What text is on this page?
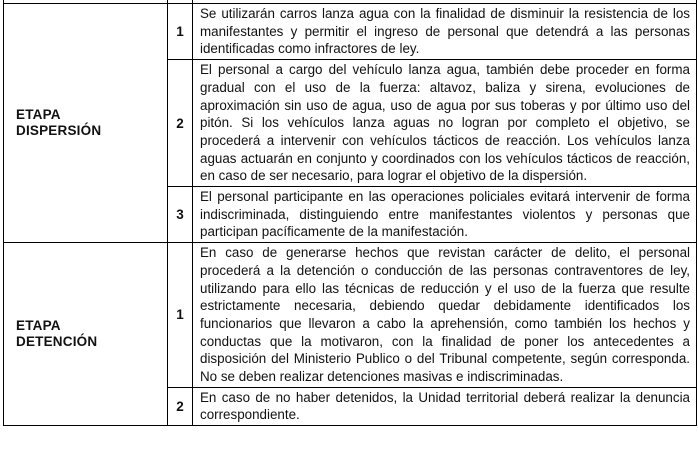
ETAPA
DISPERSIÓN	1	Se utilizarán carros lanza agua con la finalidad de disminuir la resistencia de los manifestantes y permitir el ingreso de personal que detendrá a las personas identificadas como infractores de ley.

	2	El personal a cargo del vehículo lanza agua, también debe proceder en forma gradual con el uso de la fuerza: altavoz, baliza y sirena, evoluciones de aproximación sin uso de agua, uso de agua por sus toberas y por último uso del pitón. Si los vehículos lanza aguas no logran por completo el objetivo, se procederá a intervenir con vehículos tácticos de reacción. Los vehículos lanza aguas actuarán en conjunto y coordinados con los vehículos tácticos de reacción, en caso de ser necesario, para lograr el objetivo de la dispersión.

	3	El personal participante en las operaciones policiales evitará intervenir de forma indiscriminada, distinguiendo entre manifestantes violentos y personas que participan pacíficamente de la manifestación.

ETAPA
DETENCIÓN	1	En caso de generarse hechos que revistan carácter de delito, el personal procederá a la detención o conducción de las personas contraventores de ley, utilizando para ello las técnicas de reducción y el uso de la fuerza que resulte estrictamente necesaria, debiendo quedar debidamente identificados los funcionarios que llevaron a cabo la aprehensión, como también los hechos y conductas que la motivaron, con la finalidad de poner los antecedentes a disposición del Ministerio Publico o del Tribunal competente, según corresponda. No se deben realizar detenciones masivas e indiscriminadas.

	2	En caso de no haber detenidos, la Unidad territorial deberá realizar la denuncia correspondiente.
